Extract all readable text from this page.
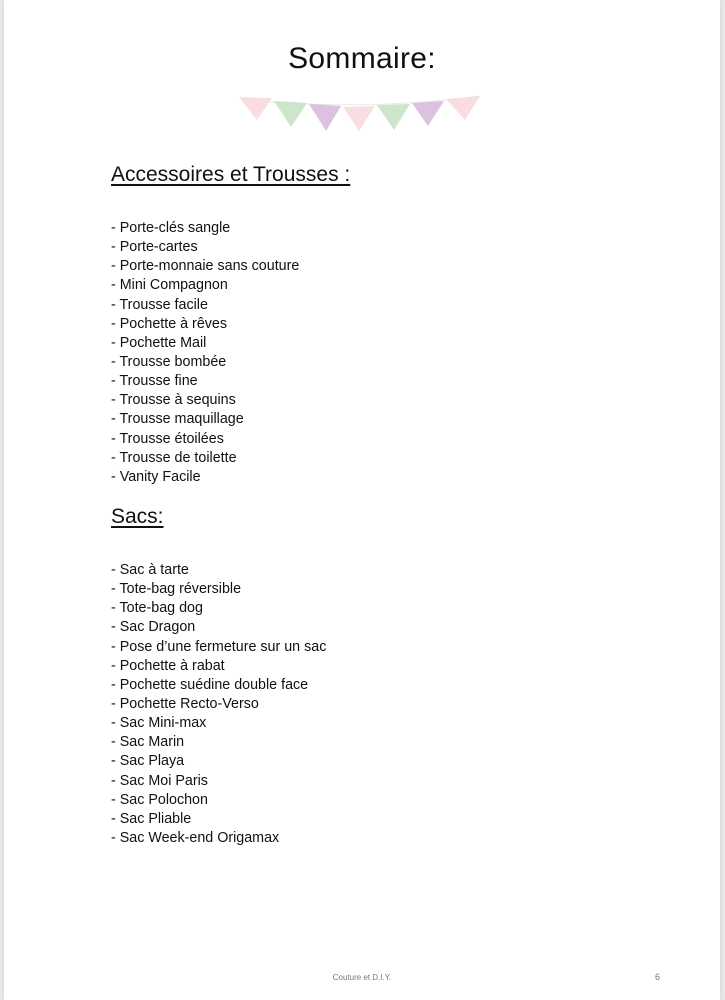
Sommaire:
Accessoires et Trousses :
- Porte-clés sangle
- Porte-cartes
- Porte-monnaie sans couture
- Mini Compagnon
- Trousse facile
- Pochette à rêves
- Pochette Mail
- Trousse bombée
- Trousse fine
- Trousse à sequins
- Trousse maquillage
- Trousse étoilées
- Trousse de toilette
- Vanity Facile
Sacs:
- Sac à tarte
- Tote-bag réversible
- Tote-bag dog
- Sac Dragon
- Pose d’une fermeture sur un sac
- Pochette à rabat
- Pochette suédine double face
- Pochette Recto-Verso
- Sac Mini-max
- Sac Marin
- Sac Playa
- Sac Moi Paris
- Sac Polochon
- Sac Pliable
- Sac Week-end Origamax
Couture et D.I.Y.	6
